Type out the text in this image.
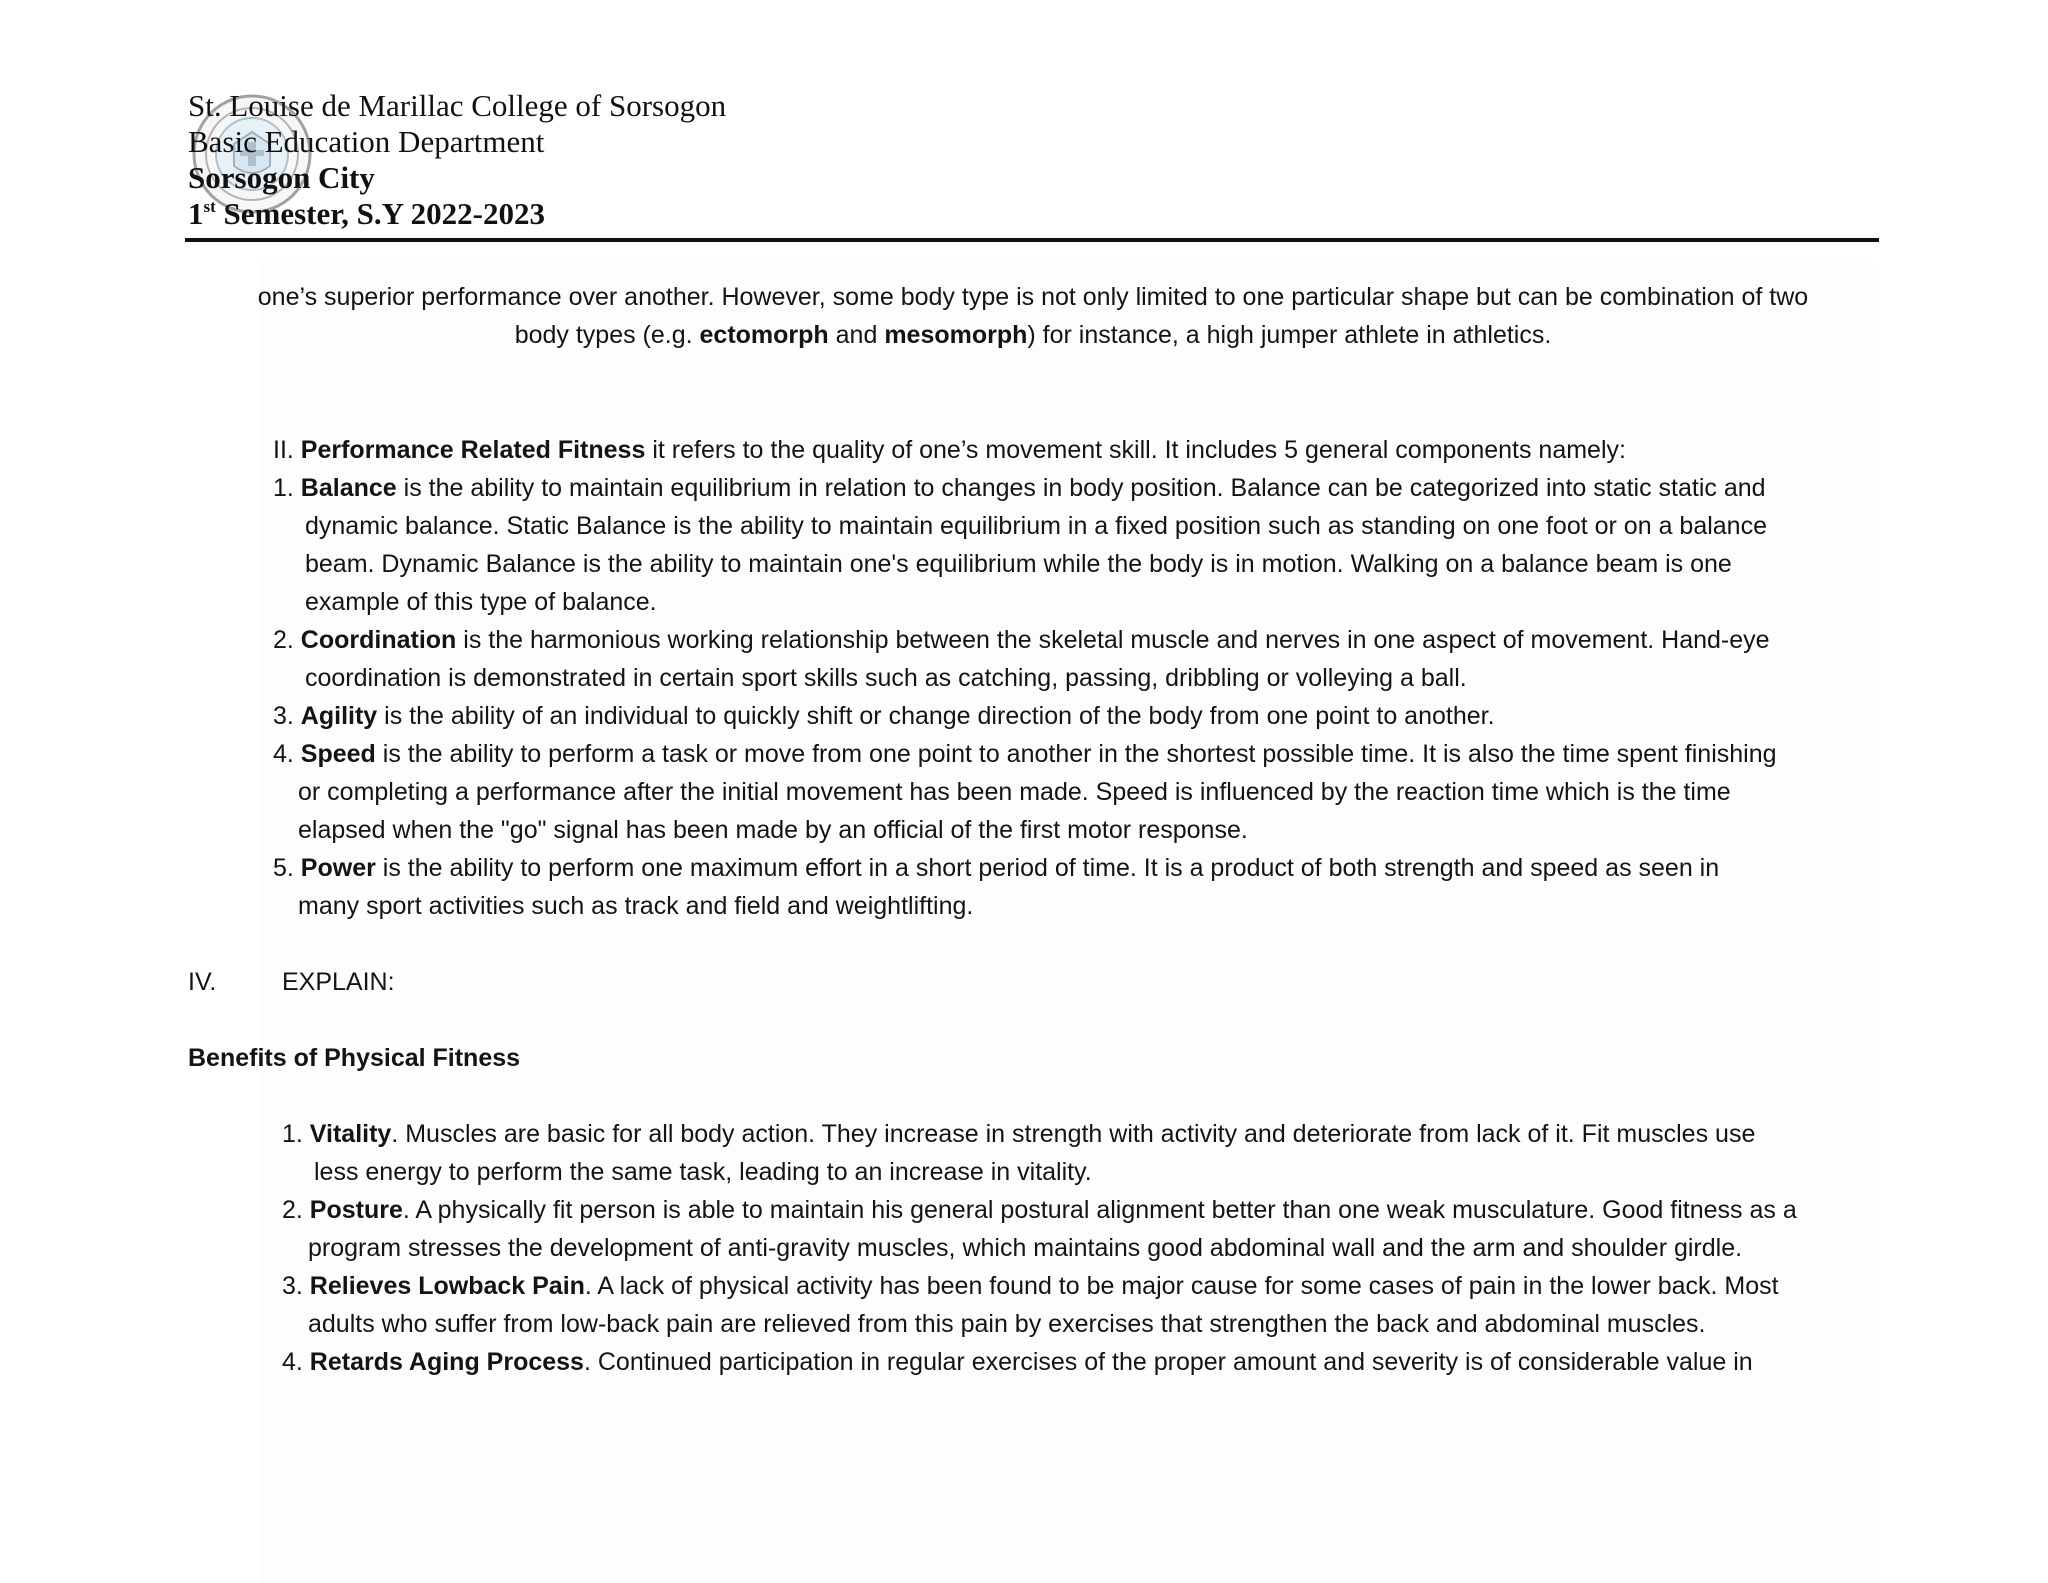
St. Louise de Marillac College of Sorsogon
Basic Education Department
Sorsogon City
1st Semester, S.Y 2022-2023
one’s superior performance over another. However, some body type is not only limited to one particular shape but can be combination of two
body types (e.g. ectomorph and mesomorph) for instance, a high jumper athlete in athletics.
II. Performance Related Fitness it refers to the quality of one’s movement skill. It includes 5 general components namely:
1. Balance is the ability to maintain equilibrium in relation to changes in body position. Balance can be categorized into static static and
dynamic balance. Static Balance is the ability to maintain equilibrium in a fixed position such as standing on one foot or on a balance
beam. Dynamic Balance is the ability to maintain one's equilibrium while the body is in motion. Walking on a balance beam is one
example of this type of balance.
2. Coordination is the harmonious working relationship between the skeletal muscle and nerves in one aspect of movement. Hand-eye
coordination is demonstrated in certain sport skills such as catching, passing, dribbling or volleying a ball.
3. Agility is the ability of an individual to quickly shift or change direction of the body from one point to another.
4. Speed is the ability to perform a task or move from one point to another in the shortest possible time. It is also the time spent finishing
or completing a performance after the initial movement has been made. Speed is influenced by the reaction time which is the time
elapsed when the "go" signal has been made by an official of the first motor response.
5. Power is the ability to perform one maximum effort in a short period of time. It is a product of both strength and speed as seen in
many sport activities such as track and field and weightlifting.
IV.	EXPLAIN:
Benefits of Physical Fitness
1. Vitality. Muscles are basic for all body action. They increase in strength with activity and deteriorate from lack of it. Fit muscles use
less energy to perform the same task, leading to an increase in vitality.
2. Posture. A physically fit person is able to maintain his general postural alignment better than one weak musculature. Good fitness as a
program stresses the development of anti-gravity muscles, which maintains good abdominal wall and the arm and shoulder girdle.
3. Relieves Lowback Pain. A lack of physical activity has been found to be major cause for some cases of pain in the lower back. Most
adults who suffer from low-back pain are relieved from this pain by exercises that strengthen the back and abdominal muscles.
4. Retards Aging Process. Continued participation in regular exercises of the proper amount and severity is of considerable value in
